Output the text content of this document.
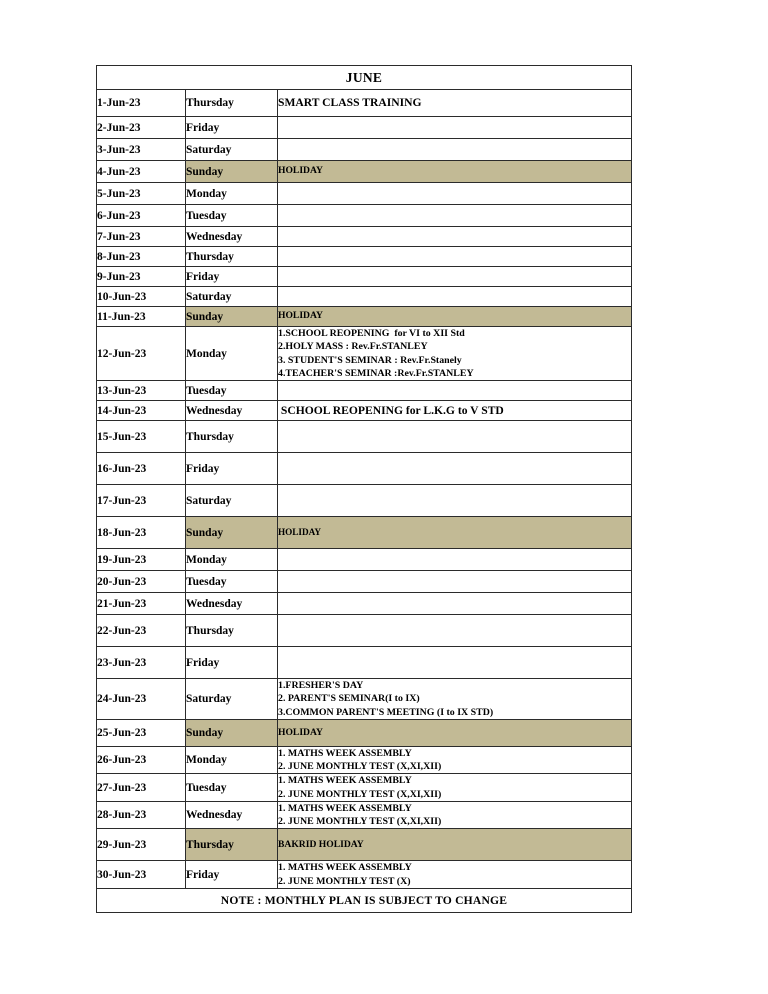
JUNE		
1-Jun-23	Thursday	SMART CLASS TRAINING

2-Jun-23	Friday	
3-Jun-23	Saturday	
4-Jun-23	Sunday	HOLIDAY

5-Jun-23	Monday	
6-Jun-23	Tuesday	
7-Jun-23	Wednesday	
8-Jun-23	Thursday	
9-Jun-23	Friday	
10-Jun-23	Saturday	
11-Jun-23	Sunday	HOLIDAY

12-Jun-23	Monday	1.SCHOOL REOPENING  for VI to XII Std
2.HOLY MASS : Rev.Fr.STANLEY
3. STUDENT'S SEMINAR : Rev.Fr.Stanely
4.TEACHER'S SEMINAR :Rev.Fr.STANLEY

13-Jun-23	Tuesday	
14-Jun-23	Wednesday	SCHOOL REOPENING for L.K.G to V STD

15-Jun-23	Thursday	
16-Jun-23	Friday	
17-Jun-23	Saturday	
18-Jun-23	Sunday	HOLIDAY

19-Jun-23	Monday	
20-Jun-23	Tuesday	
21-Jun-23	Wednesday	
22-Jun-23	Thursday	
23-Jun-23	Friday	
24-Jun-23	Saturday	1.FRESHER'S DAY
2. PARENT'S SEMINAR(I to IX)
3.COMMON PARENT'S MEETING (I to IX STD)

25-Jun-23	Sunday	HOLIDAY

26-Jun-23	Monday	1. MATHS WEEK ASSEMBLY
2. JUNE MONTHLY TEST (X,XI,XII)

27-Jun-23	Tuesday	1. MATHS WEEK ASSEMBLY
2. JUNE MONTHLY TEST (X,XI,XII)

28-Jun-23	Wednesday	1. MATHS WEEK ASSEMBLY
2. JUNE MONTHLY TEST (X,XI,XII)

29-Jun-23	Thursday	BAKRID HOLIDAY

30-Jun-23	Friday	1. MATHS WEEK ASSEMBLY
2. JUNE MONTHLY TEST (X)

NOTE : MONTHLY PLAN IS SUBJECT TO CHANGE		
